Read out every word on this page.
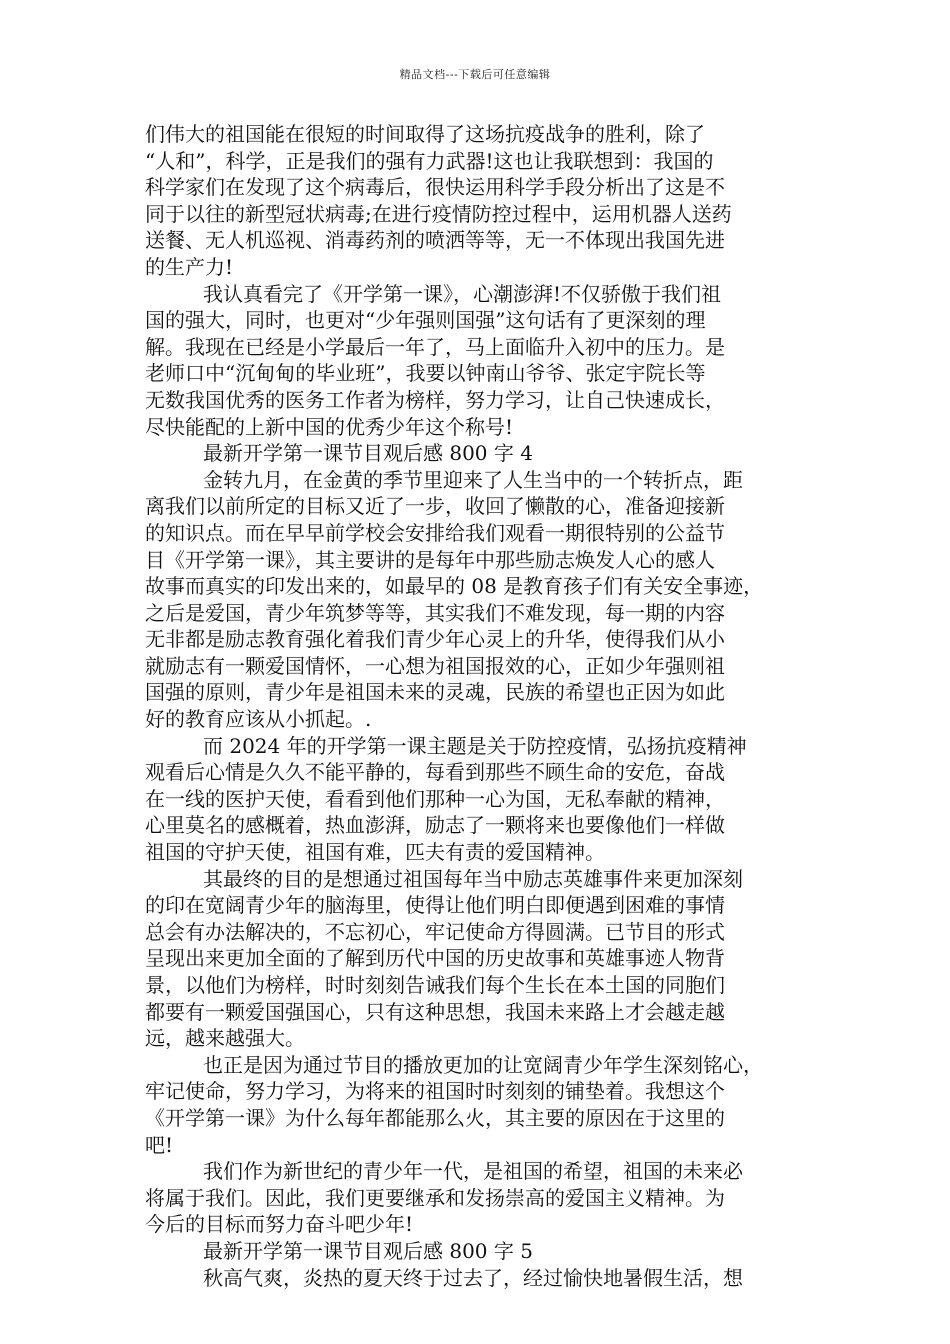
精品文档---下载后可任意编辑
们伟大的祖国能在很短的时间取得了这场抗疫战争的胜利，除了
“人和”，科学，正是我们的强有力武器!这也让我联想到：我国的
科学家们在发现了这个病毒后，很快运用科学手段分析出了这是不
同于以往的新型冠状病毒;在进行疫情防控过程中，运用机器人送药
送餐、无人机巡视、消毒药剂的喷洒等等，无一不体现出我国先进
的生产力!
我认真看完了《开学第一课》，心潮澎湃!不仅骄傲于我们祖
国的强大，同时，也更对“少年强则国强”这句话有了更深刻的理
解。我现在已经是小学最后一年了，马上面临升入初中的压力。是
老师口中“沉甸甸的毕业班”，我要以钟南山爷爷、张定宇院长等
无数我国优秀的医务工作者为榜样，努力学习，让自己快速成长，
尽快能配的上新中国的优秀少年这个称号!
最新开学第一课节目观后感 800 字 4
金转九月，在金黄的季节里迎来了人生当中的一个转折点，距
离我们以前所定的目标又近了一步，收回了懒散的心，准备迎接新
的知识点。而在早早前学校会安排给我们观看一期很特别的公益节
目《开学第一课》，其主要讲的是每年中那些励志焕发人心的感人
故事而真实的印发出来的，如最早的 08 是教育孩子们有关安全事迹，
之后是爱国，青少年筑梦等等，其实我们不难发现，每一期的内容
无非都是励志教育强化着我们青少年心灵上的升华，使得我们从小
就励志有一颗爱国情怀，一心想为祖国报效的心，正如少年强则祖
国强的原则，青少年是祖国未来的灵魂，民族的希望也正因为如此
好的教育应该从小抓起。.
而 2024 年的开学第一课主题是关于防控疫情，弘扬抗疫精神
观看后心情是久久不能平静的，每看到那些不顾生命的安危，奋战
在一线的医护天使，看看到他们那种一心为国，无私奉献的精神，
心里莫名的感概着，热血澎湃，励志了一颗将来也要像他们一样做
祖国的守护天使，祖国有难，匹夫有责的爱国精神。
其最终的目的是想通过祖国每年当中励志英雄事件来更加深刻
的印在宽阔青少年的脑海里，使得让他们明白即便遇到困难的事情
总会有办法解决的，不忘初心，牢记使命方得圆满。已节目的形式
呈现出来更加全面的了解到历代中国的历史故事和英雄事迹人物背
景，以他们为榜样，时时刻刻告诫我们每个生长在本土国的同胞们
都要有一颗爱国强国心，只有这种思想，我国未来路上才会越走越
远，越来越强大。
也正是因为通过节目的播放更加的让宽阔青少年学生深刻铭心，
牢记使命，努力学习，为将来的祖国时时刻刻的铺垫着。我想这个
《开学第一课》为什么每年都能那么火，其主要的原因在于这里的
吧!
我们作为新世纪的青少年一代，是祖国的希望，祖国的未来必
将属于我们。因此，我们更要继承和发扬崇高的爱国主义精神。为
今后的目标而努力奋斗吧少年!
最新开学第一课节目观后感 800 字 5
秋高气爽，炎热的夏天终于过去了，经过愉快地暑假生活，想
